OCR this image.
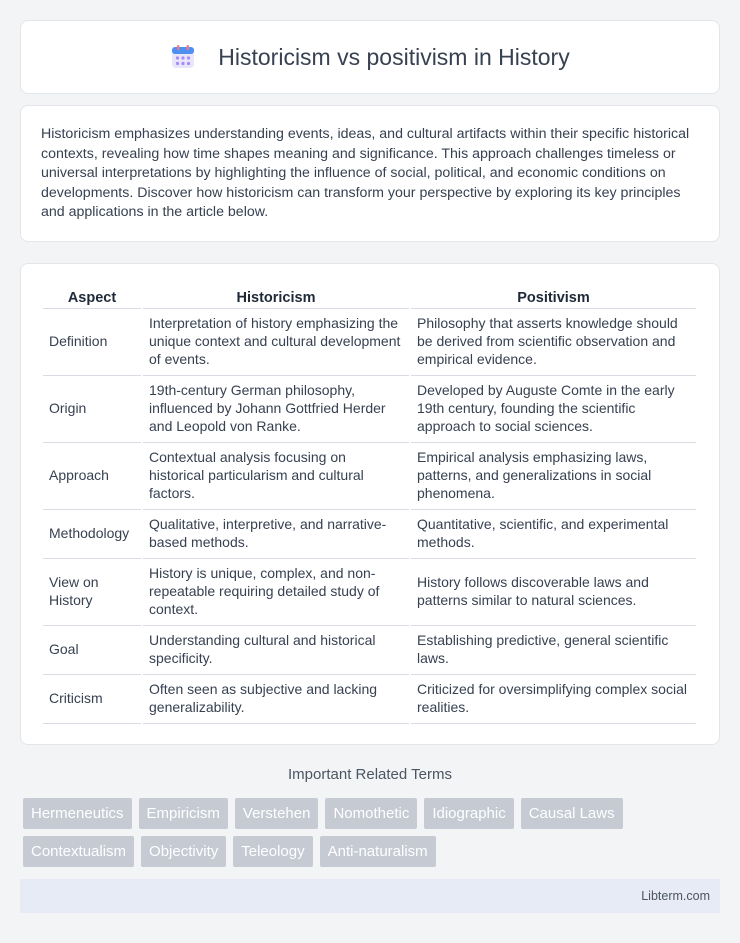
Historicism vs positivism in History

Historicism emphasizes understanding events, ideas, and cultural artifacts within their specific historical contexts, revealing how time shapes meaning and significance. This approach challenges timeless or universal interpretations by highlighting the influence of social, political, and economic conditions on developments. Discover how historicism can transform your perspective by exploring its key principles and applications in the article below.

Aspect	Historicism	Positivism
Definition	Interpretation of history emphasizing the unique context and cultural development of events.	Philosophy that asserts knowledge should be derived from scientific observation and empirical evidence.
Origin	19th-century German philosophy, influenced by Johann Gottfried Herder and Leopold von Ranke.	Developed by Auguste Comte in the early 19th century, founding the scientific approach to social sciences.
Approach	Contextual analysis focusing on historical particularism and cultural factors.	Empirical analysis emphasizing laws, patterns, and generalizations in social phenomena.
Methodology	Qualitative, interpretive, and narrative-based methods.	Quantitative, scientific, and experimental methods.
View on History	History is unique, complex, and non-repeatable requiring detailed study of context.	History follows discoverable laws and patterns similar to natural sciences.
Goal	Understanding cultural and historical specificity.	Establishing predictive, general scientific laws.
Criticism	Often seen as subjective and lacking generalizability.	Criticized for oversimplifying complex social realities.
Important Related Terms
Hermeneutics	Empiricism	Verstehen	Nomothetic	Idiographic	Causal Laws
Contextualism	Objectivity	Teleology	Anti-naturalism
Libterm.com
